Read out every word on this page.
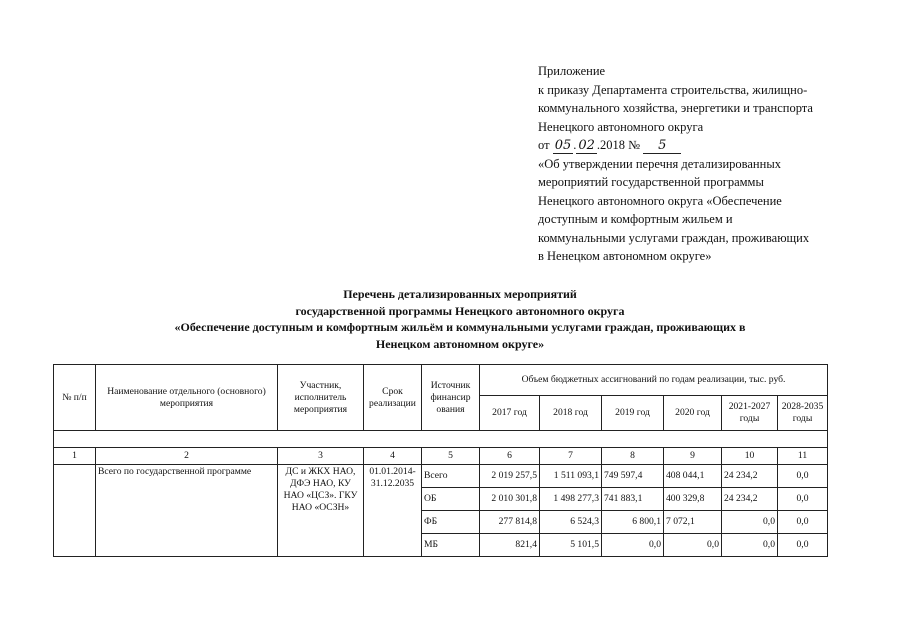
Приложение
к приказу Департамента строительства, жилищно-
коммунального хозяйства, энергетики и транспорта
Ненецкого автономного округа
от 05 . 02 .2018 № 5
«Об утверждении перечня детализированных
мероприятий государственной программы
Ненецкого автономного округа «Обеспечение
доступным и комфортным жильем и
коммунальными услугами граждан, проживающих
в Ненецком автономном округе»
Перечень детализированных мероприятий
государственной программы Ненецкого автономного округа
«Обеспечение доступным и комфортным жильём и коммунальными услугами граждан, проживающих в
Ненецком автономном округе»
№ п/п	Наименование отдельного (основного) мероприятия	Участник, исполнитель мероприятия	Срок реализации	Источник финансир ования	Объем бюджетных ассигнований по годам реализации, тыс. руб.					
					2017 год	2018 год	2019 год	2020 год	2021-2027 годы	2028-2035 годы

1	2	3	4	5	6	7	8	9	10	11
	Всего по государственной программе	ДС и ЖКХ НАО, ДФЭ НАО, КУ НАО «ЦСЗ». ГКУ НАО «ОСЗН»	01.01.2014-31.12.2035	Всего	2 019 257,5	1 511 093,1	749 597,4	408 044,1	24 234,2	0,0
				ОБ	2 010 301,8	1 498 277,3	741 883,1	400 329,8	24 234,2	0,0
				ФБ	277 814,8	6 524,3	6 800,1	7 072,1	0,0	0,0
				МБ	821,4	5 101,5	0,0	0,0	0,0	0,0
